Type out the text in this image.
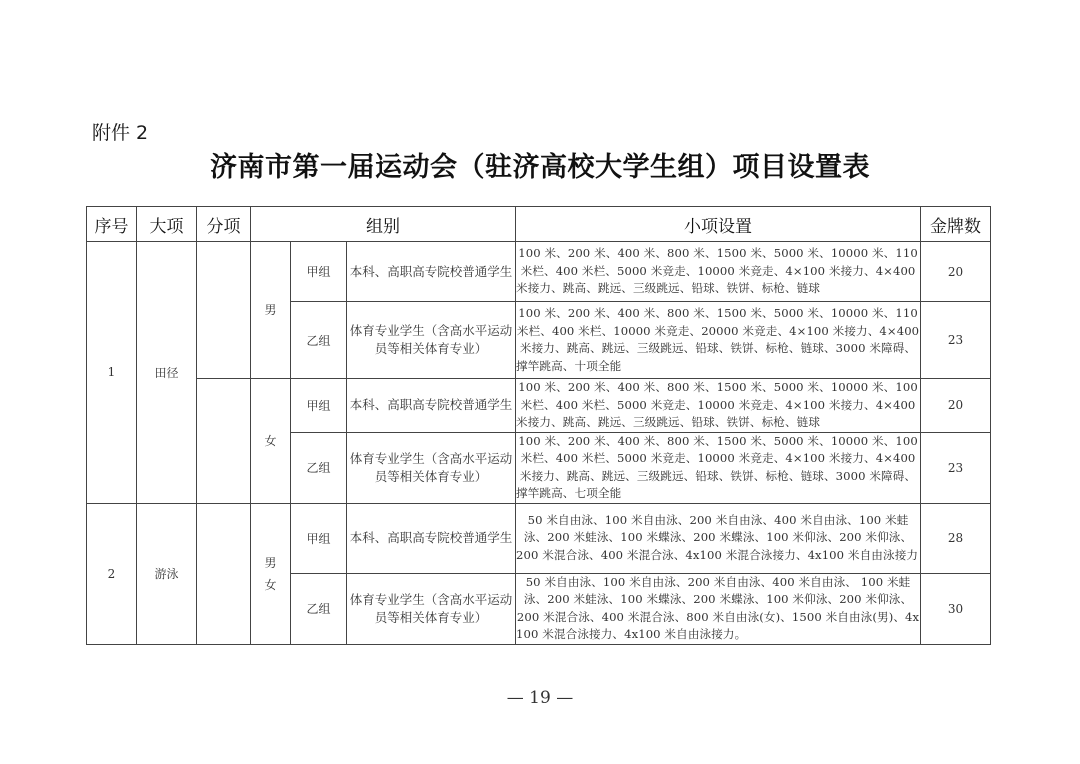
附件 2
济南市第一届运动会（驻济高校大学生组）项目设置表
序号	大项	分项	组别			小项设置	金牌数
1	田径		男	甲组	本科、高职高专院校普通学生	100 米、200 米、400 米、800 米、1500 米、5000 米、10000 米、110 米栏、400 米栏、5000 米竞走、10000 米竞走、4×100 米接力、4×400 米接力、跳高、跳远、三级跳远、铅球、铁饼、标枪、链球	20
				乙组	体育专业学生（含高水平运动员等相关体育专业）	100 米、200 米、400 米、800 米、1500 米、5000 米、10000 米、110 米栏、400 米栏、10000 米竞走、20000 米竞走、4×100 米接力、4×400 米接力、跳高、跳远、三级跳远、铅球、铁饼、标枪、链球、3000 米障碍、撑竿跳高、十项全能	23
			女	甲组	本科、高职高专院校普通学生	100 米、200 米、400 米、800 米、1500 米、5000 米、10000 米、100 米栏、400 米栏、5000 米竞走、10000 米竞走、4×100 米接力、4×400 米接力、跳高、跳远、三级跳远、铅球、铁饼、标枪、链球	20
				乙组	体育专业学生（含高水平运动员等相关体育专业）	100 米、200 米、400 米、800 米、1500 米、5000 米、10000 米、100 米栏、400 米栏、5000 米竞走、10000 米竞走、4×100 米接力、4×400 米接力、跳高、跳远、三级跳远、铅球、铁饼、标枪、链球、3000 米障碍、撑竿跳高、七项全能	23
2	游泳		男女	甲组	本科、高职高专院校普通学生	50 米自由泳、100 米自由泳、200 米自由泳、400 米自由泳、100 米蛙泳、200 米蛙泳、100 米蝶泳、200 米蝶泳、100 米仰泳、200 米仰泳、200 米混合泳、400 米混合泳、4x100 米混合泳接力、4x100 米自由泳接力	28
				乙组	体育专业学生（含高水平运动员等相关体育专业）	50 米自由泳、100 米自由泳、200 米自由泳、400 米自由泳、 100 米蛙泳、200 米蛙泳、100 米蝶泳、200 米蝶泳、100 米仰泳、200 米仰泳、200 米混合泳、400 米混合泳、800 米自由泳(女)、1500 米自由泳(男)、4x 100 米混合泳接力、4x100 米自由泳接力。	30
— 19 —
